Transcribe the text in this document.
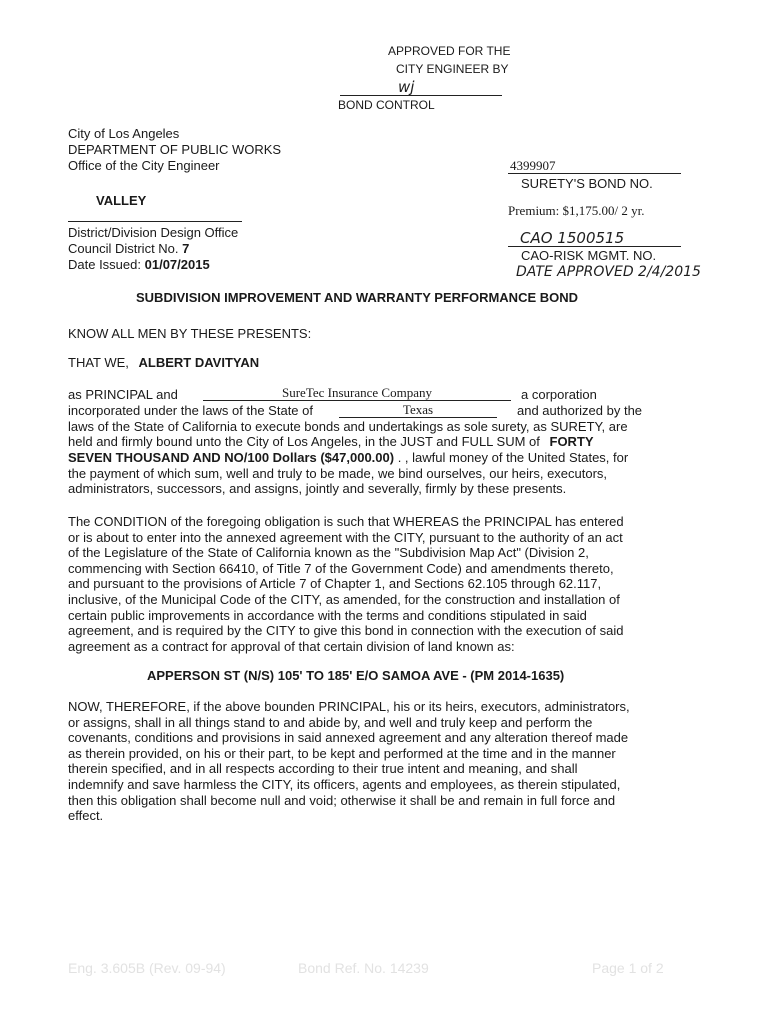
APPROVED FOR THE
CITY ENGINEER BY
wj
BOND CONTROL
City of Los Angeles
DEPARTMENT OF PUBLIC WORKS
Office of the City Engineer
VALLEY
District/Division Design Office
Council District No. 7
Date Issued: 01/07/2015
4399907
SURETY'S BOND NO.
Premium: $1,175.00/ 2 yr.
CAO 1500515
CAO-RISK MGMT. NO.
DATE APPROVED 2/4/2015
SUBDIVISION IMPROVEMENT AND WARRANTY PERFORMANCE BOND
KNOW ALL MEN BY THESE PRESENTS:
THAT WE, ALBERT DAVITYAN
as PRINCIPAL and	SureTec Insurance Company	a corporation
incorporated under the laws of the State of	Texas	and authorized by the
laws of the State of California to execute bonds and undertakings as sole surety, as SURETY, are
held and firmly bound unto the City of Los Angeles, in the JUST and FULL SUM of FORTY
SEVEN THOUSAND AND NO/100 Dollars ($47,000.00) . , lawful money of the United States, for
the payment of which sum, well and truly to be made, we bind ourselves, our heirs, executors,
administrators, successors, and assigns, jointly and severally, firmly by these presents.

The CONDITION of the foregoing obligation is such that WHEREAS the PRINCIPAL has entered

or is about to enter into the annexed agreement with the CITY, pursuant to the authority of an act

of the Legislature of the State of California known as the "Subdivision Map Act" (Division 2,

commencing with Section 66410, of Title 7 of the Government Code) and amendments thereto,

and pursuant to the provisions of Article 7 of Chapter 1, and Sections 62.105 through 62.117,

inclusive, of the Municipal Code of the CITY, as amended, for the construction and installation of

certain public improvements in accordance with the terms and conditions stipulated in said

agreement, and is required by the CITY to give this bond in connection with the execution of said

agreement as a contract for approval of that certain division of land known as:

APPERSON ST (N/S) 105' TO 185' E/O SAMOA AVE - (PM 2014-1635)

NOW, THEREFORE, if the above bounden PRINCIPAL, his or its heirs, executors, administrators,

or assigns, shall in all things stand to and abide by, and well and truly keep and perform the

covenants, conditions and provisions in said annexed agreement and any alteration thereof made

as therein provided, on his or their part, to be kept and performed at the time and in the manner

therein specified, and in all respects according to their true intent and meaning, and shall

indemnify and save harmless the CITY, its officers, agents and employees, as therein stipulated,

then this obligation shall become null and void; otherwise it shall be and remain in full force and

effect.

Eng. 3.605B (Rev. 09-94)	Bond Ref. No. 14239	Page 1 of 2
